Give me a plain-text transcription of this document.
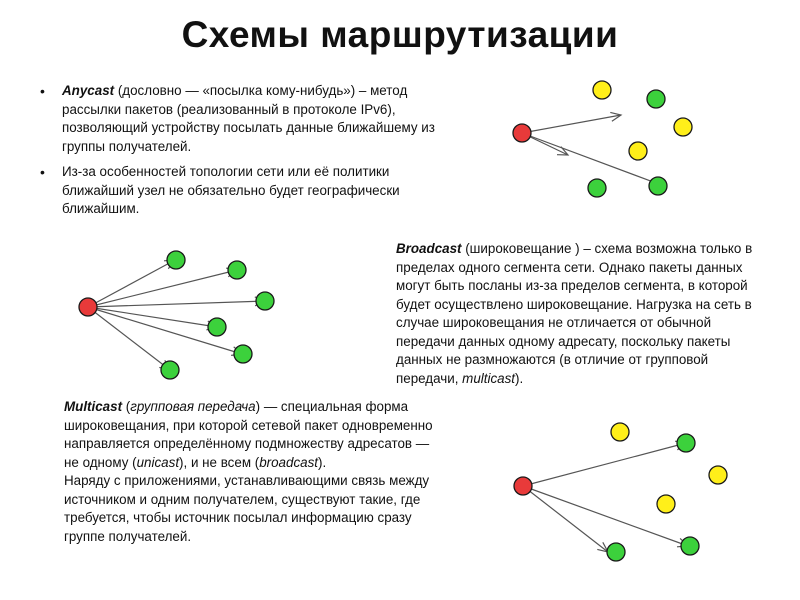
Схемы маршрутизации
• Anycast (дословно — «посылка кому-нибудь») – метод рассылки пакетов (реализованный в протоколе IPv6), позволяющий устройству посылать данные ближайшему из группы получателей.
• Из-за особенностей топологии сети или её политики ближайший узел не обязательно будет географически ближайшим.

Broadcast (широковещание ) – схема возможна только в пределах одного сегмента сети. Однако пакеты данных могут быть посланы из-за пределов сегмента, в которой будет осуществлено широковещание. Нагрузка на сеть в случае широковещания не отличается от обычной передачи данных одному адресату, поскольку пакеты данных не размножаются (в отличие от групповой передачи, multicast).

Multicast (групповая передача) — специальная форма широковещания, при которой сетевой пакет одновременно направляется определённому подмножеству адресатов — не одному (unicast), и не всем (broadcast).

Наряду с приложениями, устанавливающими связь между источником и одним получателем, существуют такие, где требуется, чтобы источник посылал информацию сразу группе получателей.
